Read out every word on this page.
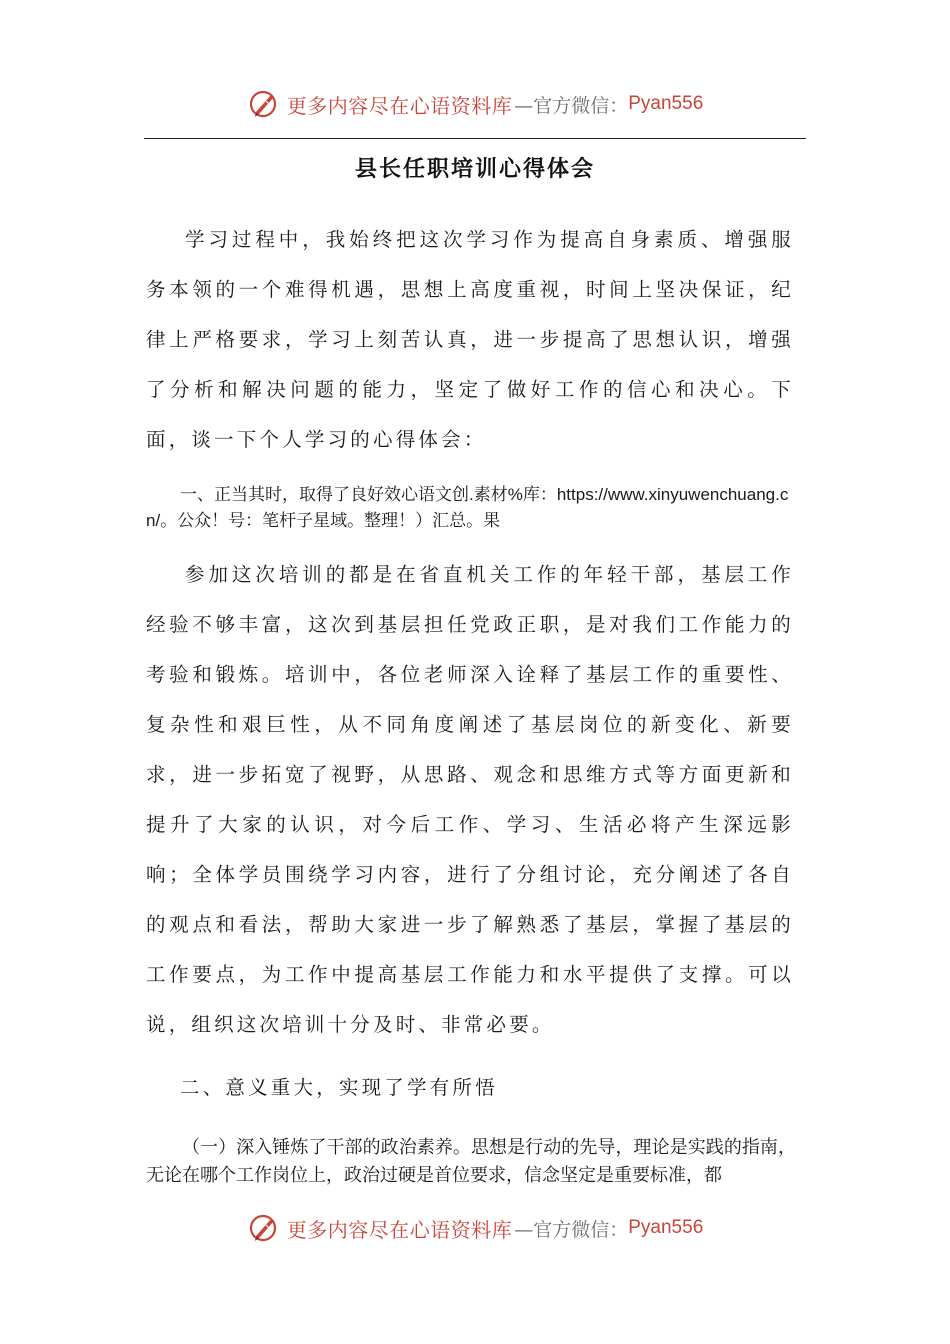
更多内容尽在心语资料库 —官方微信： Pyan556
县长任职培训心得体会

学习过程中，我始终把这次学习作为提高自身素质、增强服务本领的一个难得机遇，思想上高度重视，时间上坚决保证，纪律上严格要求，学习上刻苦认真，进一步提高了思想认识，增强了分析和解决问题的能力，坚定了做好工作的信心和决心。下面，谈一下个人学习的心得体会：

一、正当其时，取得了良好效心语文创.素材%库：https://www.xinyuwenchuang.cn/。公众！号：笔杆子星域。整理！）汇总。果

参加这次培训的都是在省直机关工作的年轻干部，基层工作经验不够丰富，这次到基层担任党政正职，是对我们工作能力的考验和锻炼。培训中，各位老师深入诠释了基层工作的重要性、复杂性和艰巨性，从不同角度阐述了基层岗位的新变化、新要求，进一步拓宽了视野，从思路、观念和思维方式等方面更新和提升了大家的认识，对今后工作、学习、生活必将产生深远影响；全体学员围绕学习内容，进行了分组讨论，充分阐述了各自的观点和看法，帮助大家进一步了解熟悉了基层，掌握了基层的工作要点，为工作中提高基层工作能力和水平提供了支撑。可以说，组织这次培训十分及时、非常必要。

二、意义重大，实现了学有所悟

（一）深入锤炼了干部的政治素养。思想是行动的先导，理论是实践的指南，无论在哪个工作岗位上，政治过硬是首位要求，信念坚定是重要标准，都

更多内容尽在心语资料库 —官方微信： Pyan556
